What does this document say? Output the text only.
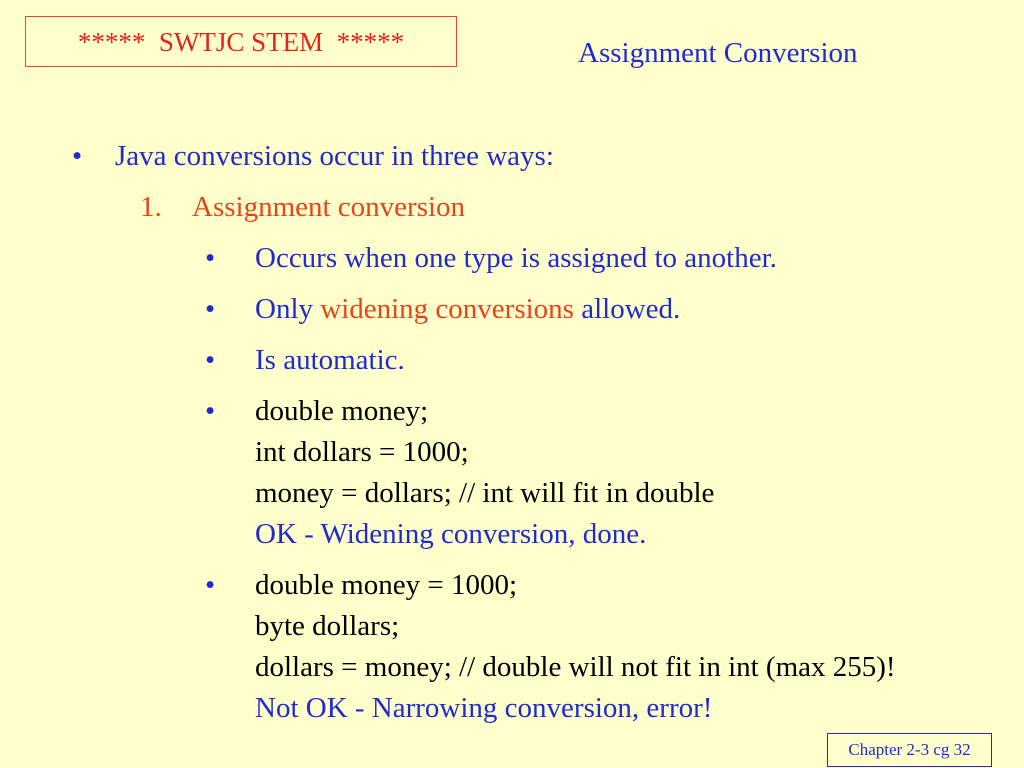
*****  SWTJC STEM  *****	Assignment Conversion
• Java conversions occur in three ways:
1. Assignment conversion
• Occurs when one type is assigned to another.
• Only widening conversions allowed.
• Is automatic.
• double money;
int dollars = 1000;
money = dollars; // int will fit in double
OK - Widening conversion, done.
• double money = 1000;
byte dollars;
dollars = money; // double will not fit in int (max 255)!
Not OK - Narrowing conversion, error!
Chapter 2-3 cg 32
